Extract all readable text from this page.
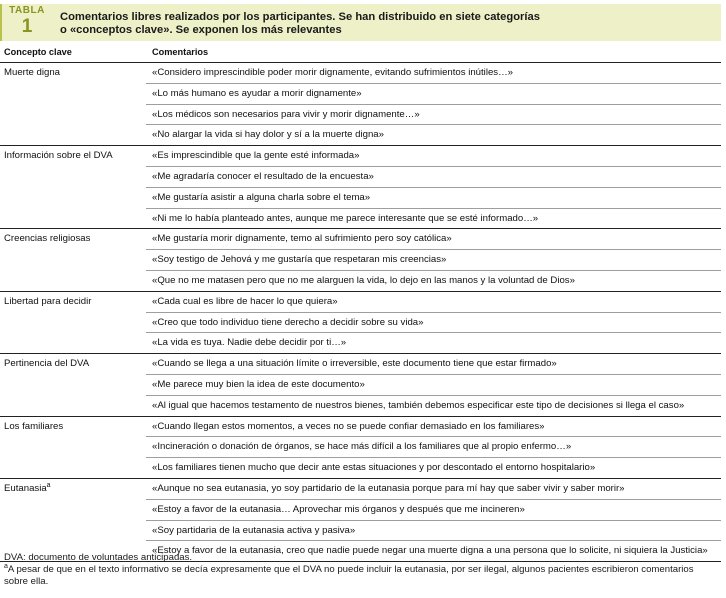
TABLA
1	Comentarios libres realizados por los participantes. Se han distribuido en siete categorías
o «conceptos clave». Se exponen los más relevantes
Concepto clave	Comentarios
Muerte digna	«Considero imprescindible poder morir dignamente, evitando sufrimientos inútiles…»
	«Lo más humano es ayudar a morir dignamente»
	«Los médicos son necesarios para vivir y morir dignamente…»
	«No alargar la vida si hay dolor y sí a la muerte digna»
Información sobre el DVA	«Es imprescindible que la gente esté informada»
	«Me agradaría conocer el resultado de la encuesta»
	«Me gustaría asistir a alguna charla sobre el tema»
	«Ni me lo había planteado antes, aunque me parece interesante que se esté informado…»
Creencias religiosas	«Me gustaría morir dignamente, temo al sufrimiento pero soy católica»
	«Soy testigo de Jehová y me gustaría que respetaran mis creencias»
	«Que no me matasen pero que no me alarguen la vida, lo dejo en las manos y la voluntad de Dios»
Libertad para decidir	«Cada cual es libre de hacer lo que quiera»
	«Creo que todo individuo tiene derecho a decidir sobre su vida»
	«La vida es tuya. Nadie debe decidir por ti…»
Pertinencia del DVA	«Cuando se llega a una situación límite o irreversible, este documento tiene que estar firmado»
	«Me parece muy bien la idea de este documento»
	«Al igual que hacemos testamento de nuestros bienes, también debemos especificar este tipo de decisiones si llega el caso»
Los familiares	«Cuando llegan estos momentos, a veces no se puede confiar demasiado en los familiares»
	«Incineración o donación de órganos, se hace más difícil a los familiares que al propio enfermo…»
	«Los familiares tienen mucho que decir ante estas situaciones y por descontado el entorno hospitalario»
Eutanasia$^a$	«Aunque no sea eutanasia, yo soy partidario de la eutanasia porque para mí hay que saber vivir y saber morir»
	«Estoy a favor de la eutanasia… Aprovechar mis órganos y después que me incineren»
	«Soy partidaria de la eutanasia activa y pasiva»
	«Estoy a favor de la eutanasia, creo que nadie puede negar una muerte digna a una persona que lo solicite, ni siquiera la Justicia»
DVA: documento de voluntades anticipadas.
$^a$A pesar de que en el texto informativo se decía expresamente que el DVA no puede incluir la eutanasia, por ser ilegal, algunos pacientes escribieron comentarios
sobre ella.
